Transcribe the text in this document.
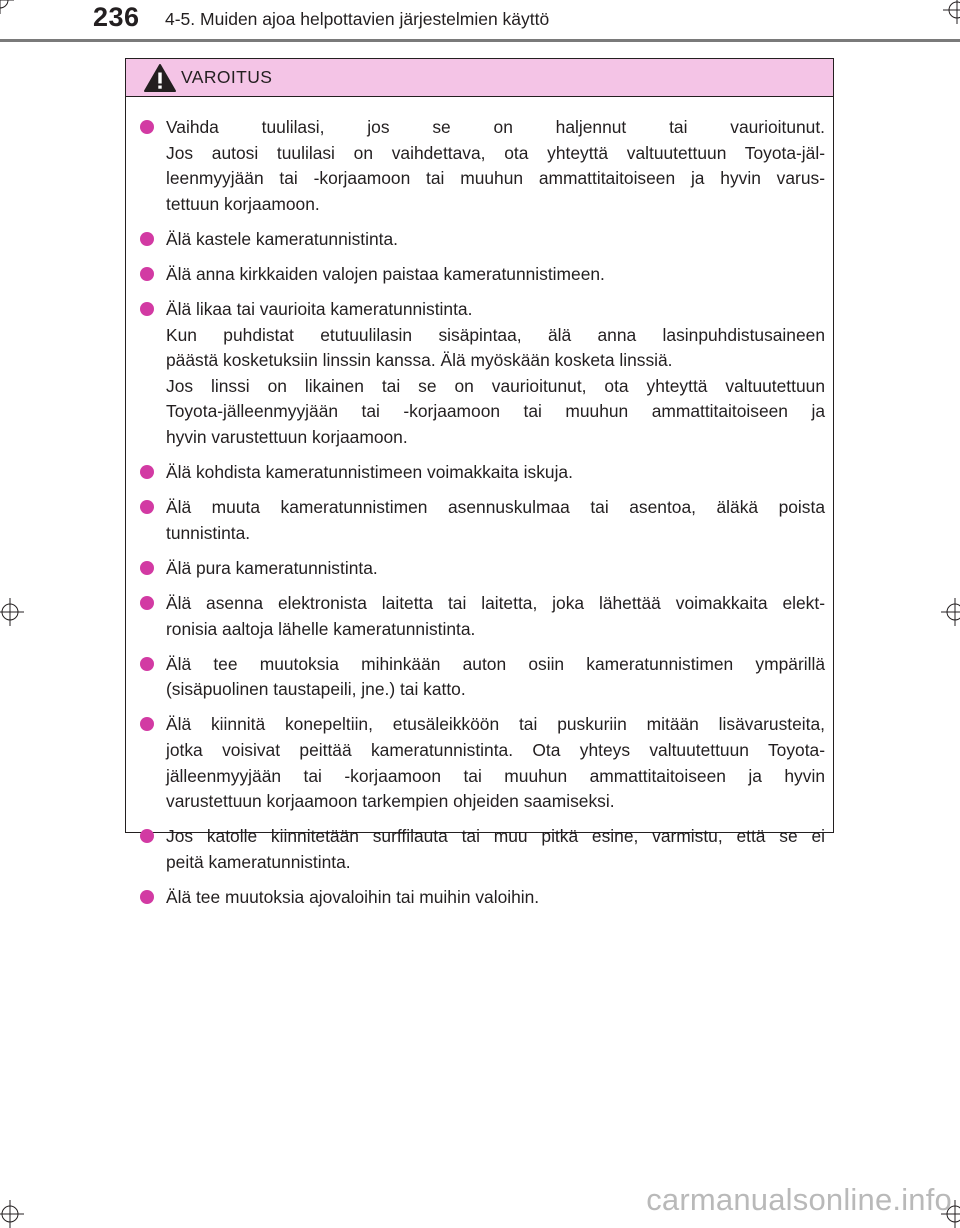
236 4-5. Muiden ajoa helpottavien järjestelmien käyttö
VAROITUS
Vaihda tuulilasi, jos se on haljennut tai vaurioitunut.
Jos autosi tuulilasi on vaihdettava, ota yhteyttä valtuutettuun Toyota-jäl-
leenmyyjään tai -korjaamoon tai muuhun ammattitaitoiseen ja hyvin varus-
tettuun korjaamoon.
Älä kastele kameratunnistinta.
Älä anna kirkkaiden valojen paistaa kameratunnistimeen.
Älä likaa tai vaurioita kameratunnistinta.
Kun puhdistat etutuulilasin sisäpintaa, älä anna lasinpuhdistusaineen
päästä kosketuksiin linssin kanssa. Älä myöskään kosketa linssiä.
Jos linssi on likainen tai se on vaurioitunut, ota yhteyttä valtuutettuun
Toyota-jälleenmyyjään tai -korjaamoon tai muuhun ammattitaitoiseen ja
hyvin varustettuun korjaamoon.
Älä kohdista kameratunnistimeen voimakkaita iskuja.
Älä muuta kameratunnistimen asennuskulmaa tai asentoa, äläkä poista
tunnistinta.
Älä pura kameratunnistinta.
Älä asenna elektronista laitetta tai laitetta, joka lähettää voimakkaita elekt-
ronisia aaltoja lähelle kameratunnistinta.
Älä tee muutoksia mihinkään auton osiin kameratunnistimen ympärillä
(sisäpuolinen taustapeili, jne.) tai katto.
Älä kiinnitä konepeltiin, etusäleikköön tai puskuriin mitään lisävarusteita,
jotka voisivat peittää kameratunnistinta. Ota yhteys valtuutettuun Toyota-
jälleenmyyjään tai -korjaamoon tai muuhun ammattitaitoiseen ja hyvin
varustettuun korjaamoon tarkempien ohjeiden saamiseksi.
Jos katolle kiinnitetään surffilauta tai muu pitkä esine, varmistu, että se ei
peitä kameratunnistinta.
Älä tee muutoksia ajovaloihin tai muihin valoihin.
carmanualsonline.info
